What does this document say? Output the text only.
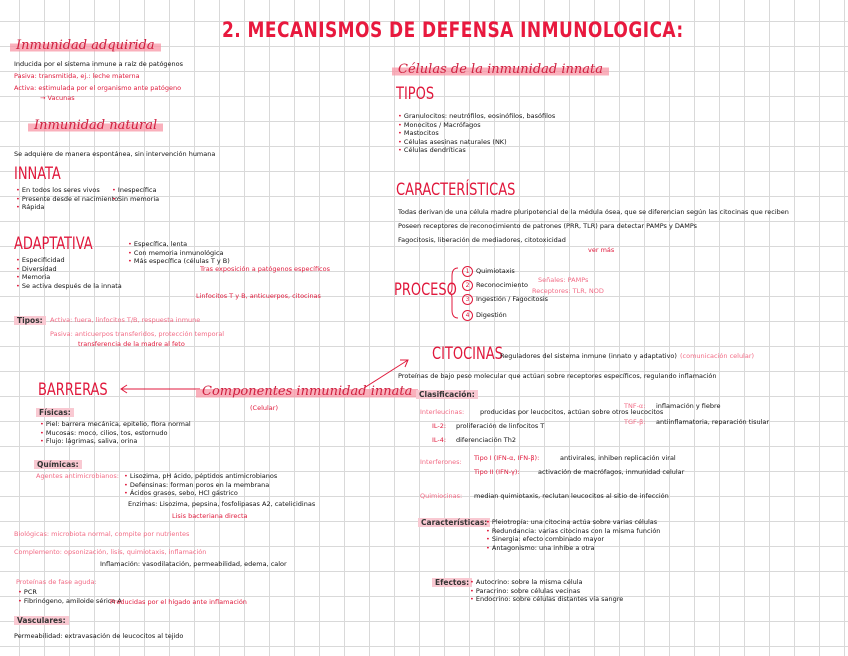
2. MECANISMOS DE DEFENSA INMUNOLOGICA:
Inmunidad adquirida
Inducida por el sistema inmune a raíz de patógenos
Pasiva: transmitida, ej.: leche materna
Activa: estimulada por el organismo ante patógeno
→ Vacunas
Inmunidad natural
Se adquiere de manera espontánea, sin intervención humana
INNATA
• En todos los seres vivos
• Presente desde el nacimiento
• Rápida
• Inespecífica
• Sin memoria
ADAPTATIVA
• Especificidad
• Diversidad
• Memoria
• Se activa después de la innata
• Específica, lenta
• Con memoria inmunológica
• Más específica (células T y B)
Tras exposición a patógenos específicos
Linfocitos T y B, anticuerpos, citocinas
Tipos:	Activa: fuera, linfocitos T/B, respuesta inmune
Pasiva: anticuerpos transferidos, protección temporal
transferencia de la madre al feto
BARRERAS	Componentes inmunidad innata
(Celular)
Físicas:
• Piel: barrera mecánica, epitelio, flora normal
• Mucosas: moco, cilios, tos, estornudo
• Flujo: lágrimas, saliva, orina
Químicas:
Agentes antimicrobianos:	• Lisozima, pH ácido, péptidos antimicrobianos
• Defensinas: forman poros en la membrana
• Ácidos grasos, sebo, HCl gástrico
Enzimas: Lisozima, pepsina, fosfolipasas A2, catelicidinas
Lisis bacteriana directa
Biológicas: microbiota normal, compite por nutrientes
Complemento: opsonización, lisis, quimiotaxis, inflamación
Inflamación: vasodilatación, permeabilidad, edema, calor
Proteínas de fase aguda:
• PCR
• Fibrinógeno, amiloide sérico A
Producidas por el hígado ante inflamación
Vasculares:
Permeabilidad: extravasación de leucocitos al tejido
Células de la inmunidad innata
TIPOS
• Granulocitos: neutrófilos, eosinófilos, basófilos
• Monocitos / Macrófagos
• Mastocitos
• Células asesinas naturales (NK)
• Células dendríticas
CARACTERÍSTICAS
Todas derivan de una célula madre pluripotencial de la médula ósea, que se diferencian según las citocinas que reciben
Poseen receptores de reconocimiento de patrones (PRR, TLR) para detectar PAMPs y DAMPs
Fagocitosis, liberación de mediadores, citotoxicidad
ver más
PROCESO
1 Quimiotaxis
2 Reconocimiento
3 Ingestión / Fagocitosis
4 Digestión
Señales: PAMPs
Receptores: TLR, NOD
CITOCINAS
Reguladores del sistema inmune (innato y adaptativo) (comunicación celular)
Proteínas de bajo peso molecular que actúan sobre receptores específicos, regulando inflamación
Clasificación:
Interleucinas: producidas por leucocitos, actúan sobre otros leucocitos
IL-2: proliferación de linfocitos T
IL-4: diferenciación Th2
TNF-α: inflamación y fiebre
TGF-β: antiinflamatoria, reparación tisular
Interferones: Tipo I (IFN-α, IFN-β):	antivirales, inhiben replicación viral
Tipo II (IFN-γ):	activación de macrófagos, inmunidad celular
Quimiocinas: median quimiotaxis, reclutan leucocitos al sitio de infección
Características: • Pleiotropía: una citocina actúa sobre varias células
• Redundancia: varias citocinas con la misma función
• Sinergia: efecto combinado mayor
• Antagonismo: una inhibe a otra
Efectos:	• Autocrino: sobre la misma célula
• Paracrino: sobre células vecinas
• Endocrino: sobre células distantes vía sangre
